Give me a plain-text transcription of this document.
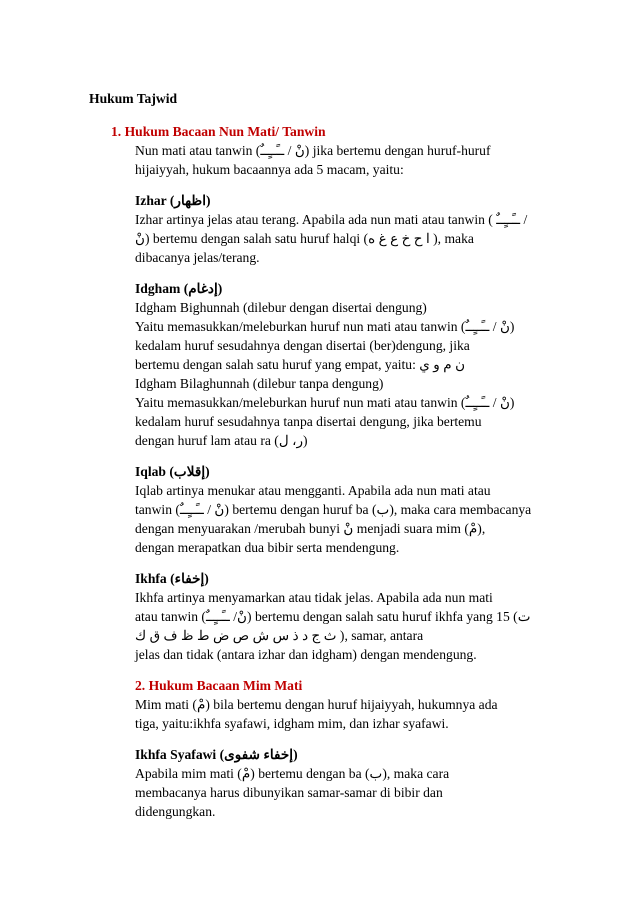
Hukum Tajwid

1. Hukum Bacaan Nun Mati/ Tanwin

Nun mati atau tanwin (نْ / ــًــٍــٌ) jika bertemu dengan huruf-huruf

hijaiyyah, hukum bacaannya ada 5 macam, yaitu:

Izhar (اظهار)

Izhar artinya jelas atau terang. Apabila ada nun mati atau tanwin ( ــًــٍــٌ /

نْ) bertemu dengan salah satu huruf halqi (ا ح خ ع غ ه ), maka

dibacanya jelas/terang.

Idgham (إدغام)

Idgham Bighunnah (dilebur dengan disertai dengung)

Yaitu memasukkan/meleburkan huruf nun mati atau tanwin (نْ / ــًــٍــٌ)

kedalam huruf sesudahnya dengan disertai (ber)dengung, jika

bertemu dengan salah satu huruf yang empat, yaitu: ن م و ي

Idgham Bilaghunnah (dilebur tanpa dengung)

Yaitu memasukkan/meleburkan huruf nun mati atau tanwin (نْ / ــًــٍــٌ)

kedalam huruf sesudahnya tanpa disertai dengung, jika bertemu

dengan huruf lam atau ra (ر، ل)

Iqlab (إقلاب)

Iqlab artinya menukar atau mengganti. Apabila ada nun mati atau

tanwin (نْ / ــًــٍــٌ) bertemu dengan huruf ba (ب), maka cara membacanya

dengan menyuarakan /merubah bunyi نْ menjadi suara mim (مْ),

dengan merapatkan dua bibir serta mendengung.

Ikhfa (إخفاء)

Ikhfa artinya menyamarkan atau tidak jelas. Apabila ada nun mati

atau tanwin (نْ/ ــًــٍــٌ) bertemu dengan salah satu huruf ikhfa yang 15 (ت

ث ج د ذ س ش ص ض ط ظ ف ق ك ), samar, antara

jelas dan tidak (antara izhar dan idgham) dengan mendengung.

2. Hukum Bacaan Mim Mati

Mim mati (مْ) bila bertemu dengan huruf hijaiyyah, hukumnya ada

tiga, yaitu:ikhfa syafawi, idgham mim, dan izhar syafawi.

Ikhfa Syafawi (إخفاء شفوى)

Apabila mim mati (مْ) bertemu dengan ba (ب), maka cara

membacanya harus dibunyikan samar-samar di bibir dan

didengungkan.
